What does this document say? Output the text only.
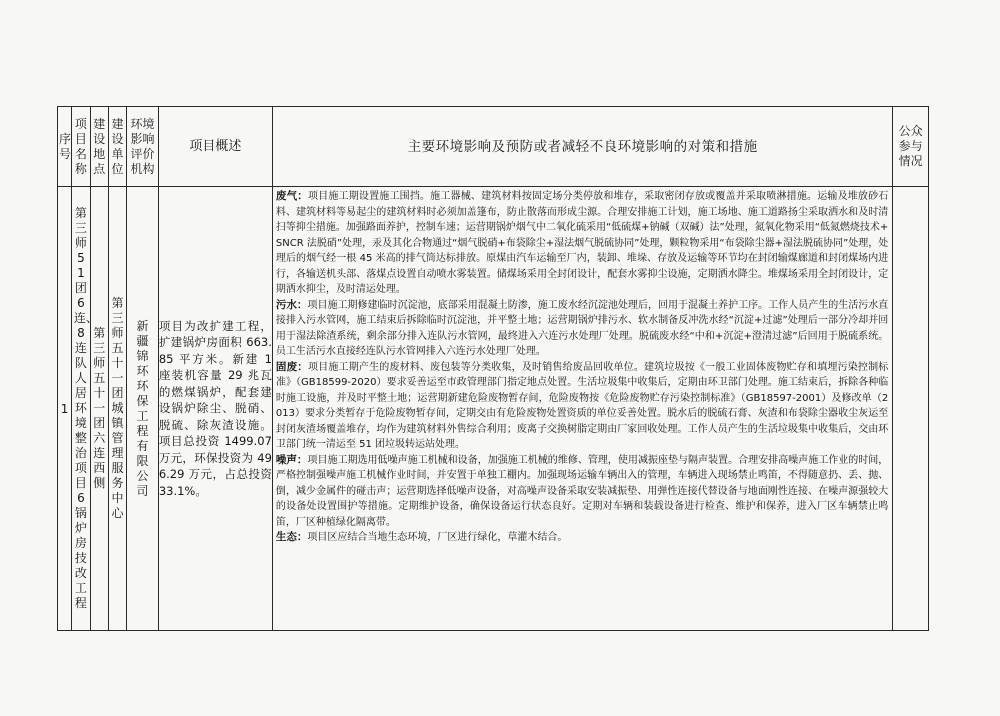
序号	项目名称	建设地点	建设单位	环境影响评价机构	项目概述	主要环境影响及预防或者减轻不良环境影响的对策和措施	公众参与情况

1	第三师51团6连、8连队人居环境整治项目6锅炉房技改工程	第三师五十一团六连西侧	第三师五十一团城镇管理服务中心	新疆锦环环保工程有限公司	项目为改扩建工程，扩建锅炉房面积 663.85 平方米。新建 1 座装机容量 29 兆瓦的燃煤锅炉，配套建设锅炉除尘、脱硝、脱硫、除灰渣设施。项目总投资 1499.07 万元，环保投资为 496.29 万元，占总投资 33.1%。	废气：项目施工期设置施工围挡。施工器械、建筑材料按固定场分类停放和堆存，采取密闭存放或覆盖并采取喷淋措施。运输及堆放砂石料、建筑材料等易起尘的建筑材料时必须加盖篷布，防止散落而形成尘源。合理安排施工计划，施工场地、施工道路扬尘采取洒水和及时清扫等抑尘措施。加强路面养护，控制车速；运营期锅炉烟气中二氧化硫采用“低硫煤+钠碱（双碱）法”处理，氮氧化物采用“低氮燃烧技术+SNCR 法脱硝”处理，汞及其化合物通过“烟气脱硝+布袋除尘+湿法烟气脱硫协同”处理，颗粒物采用“布袋除尘器+湿法脱硫协同”处理，处理后的烟气经一根 45 米高的排气筒达标排放。原煤由汽车运输至厂内，装卸、堆垛、存放及运输等环节均在封闭输煤廊道和封闭煤场内进行，各输送机头部、落煤点设置自动喷水雾装置。储煤场采用全封闭设计，配套水雾抑尘设施，定期洒水降尘。堆煤场采用全封闭设计，定期洒水抑尘，及时清运处理。

污水：项目施工期修建临时沉淀池，底部采用混凝土防渗，施工废水经沉淀池处理后，回用于混凝土养护工序。工作人员产生的生活污水直接排入污水管网，施工结束后拆除临时沉淀池，并平整土地；运营期锅炉排污水、软水制备反冲洗水经“沉淀+过滤”处理后一部分冷却并回用于湿法除渣系统，剩余部分排入连队污水管网，最终进入六连污水处理厂处理。脱硫废水经“中和+沉淀+澄清过滤”后回用于脱硫系统。员工生活污水直接经连队污水管网排入六连污水处理厂处理。

固废：项目施工期产生的废材料、废包装等分类收集，及时销售给废品回收单位。建筑垃圾按《一般工业固体废物贮存和填埋污染控制标准》（GB18599-2020）要求妥善运至市政管理部门指定地点处置。生活垃圾集中收集后，定期由环卫部门处理。施工结束后，拆除各种临时施工设施，并及时平整土地；运营期新建危险废物暂存间，危险废物按《危险废物贮存污染控制标准》（GB18597-2001）及修改单（2013）要求分类暂存于危险废物暂存间，定期交由有危险废物处置资质的单位妥善处置。脱水后的脱硫石膏、灰渣和布袋除尘器收尘灰运至封闭灰渣场覆盖堆存，均作为建筑材料外售综合利用；废离子交换树脂定期由厂家回收处理。工作人员产生的生活垃圾集中收集后，交由环卫部门统一清运至 51 团垃圾转运站处理。

噪声：项目施工期选用低噪声施工机械和设备，加强施工机械的维修、管理，使用减振座垫与隔声装置。合理安排高噪声施工作业的时间，严格控制强噪声施工机械作业时间，并安置于单独工棚内。加强现场运输车辆出入的管理，车辆进入现场禁止鸣笛，不得随意扔、丢、抛、倒，减少金属件的碰击声；运营期选择低噪声设备，对高噪声设备采取安装减振垫、用弹性连接代替设备与地面刚性连接、在噪声源强较大的设备处设置围护等措施。定期维护设备，确保设备运行状态良好。定期对车辆和装载设备进行检查、维护和保养，进入厂区车辆禁止鸣笛，厂区种植绿化隔离带。

生态：项目区应结合当地生态环境，厂区进行绿化，草灌木结合。	
